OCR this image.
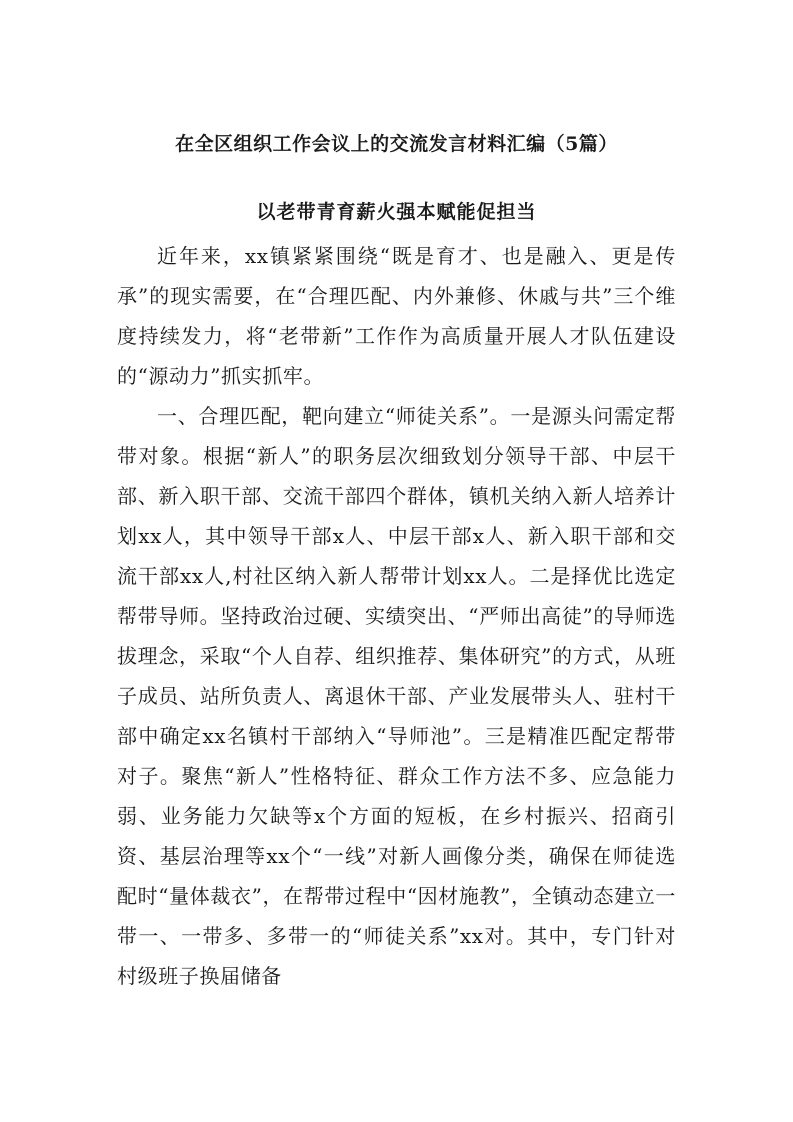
在全区组织工作会议上的交流发言材料汇编（5篇）
以老带青育薪火强本赋能促担当

近年来，xx镇紧紧围绕“既是育才、也是融入、更是传承”的现实需要，在“合理匹配、内外兼修、休戚与共”三个维度持续发力，将“老带新”工作作为高质量开展人才队伍建设的“源动力”抓实抓牢。

一、合理匹配，靶向建立“师徒关系”。一是源头问需定帮带对象。根据“新人”的职务层次细致划分领导干部、中层干部、新入职干部、交流干部四个群体，镇机关纳入新人培养计划xx人，其中领导干部x人、中层干部x人、新入职干部和交流干部xx人,村社区纳入新人帮带计划xx人。二是择优比选定帮带导师。坚持政治过硬、实绩突出、“严师出高徒”的导师选拔理念，采取“个人自荐、组织推荐、集体研究”的方式，从班子成员、站所负责人、离退休干部、产业发展带头人、驻村干部中确定xx名镇村干部纳入“导师池”。三是精准匹配定帮带对子。聚焦“新人”性格特征、群众工作方法不多、应急能力弱、业务能力欠缺等x个方面的短板，在乡村振兴、招商引资、基层治理等xx个“一线”对新人画像分类，确保在师徒选配时“量体裁衣”，在帮带过程中“因材施教”，全镇动态建立一带一、一带多、多带一的“师徒关系”xx对。其中，专门针对村级班子换届储备
